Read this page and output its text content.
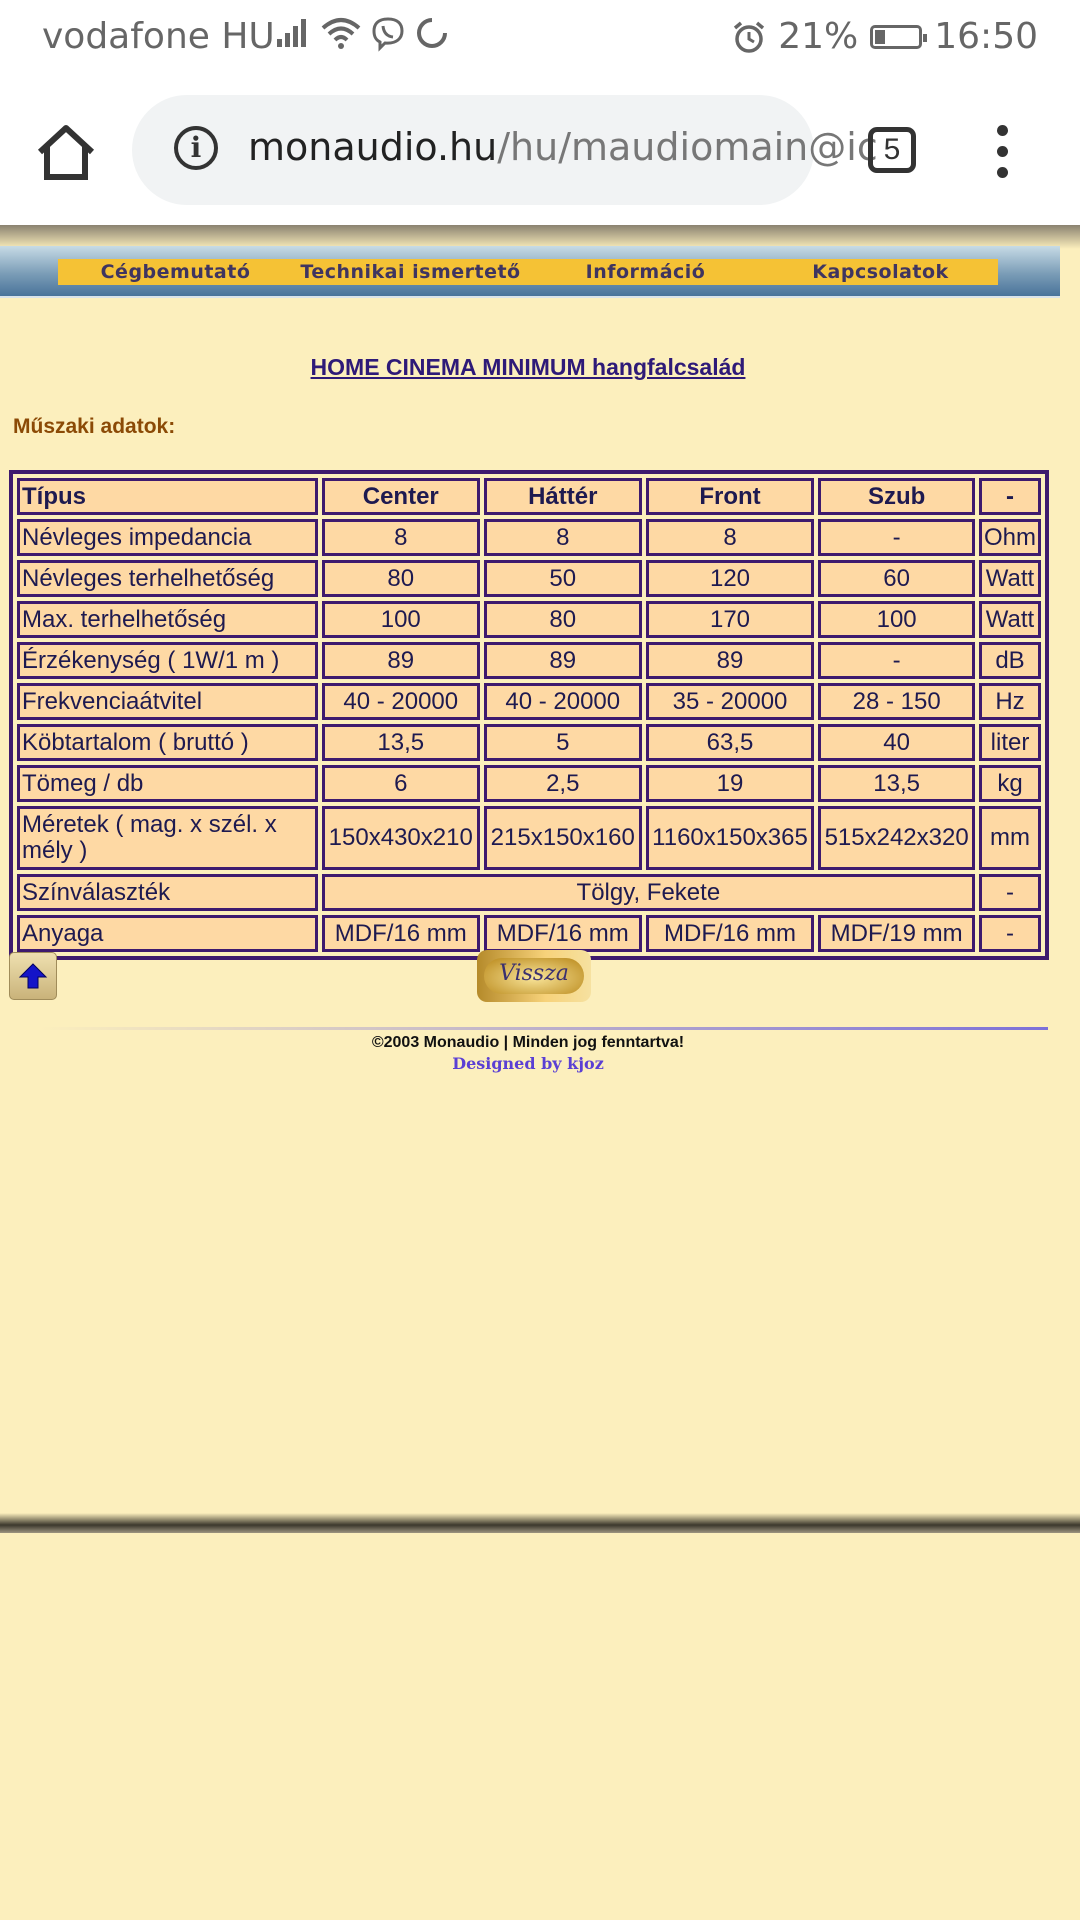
vodafone HU	21% 16:50
i	monaudio.hu/hu/maudiomain@ic 5
Cégbemutató	Technikai ismertető	Információ	Kapcsolatok
HOME CINEMA MINIMUM hangfalcsalád
Műszaki adatok:
Típus	Center	Háttér	Front	Szub	-
Névleges impedancia	8	8	8	-	Ohm
Névleges terhelhetőség	80	50	120	60	Watt
Max. terhelhetőség	100	80	170	100	Watt
Érzékenység ( 1W/1 m )	89	89	89	-	dB
Frekvenciaátvitel	40 - 20000	40 - 20000	35 - 20000	28 - 150	Hz
Köbtartalom ( bruttó )	13,5	5	63,5	40	liter
Tömeg / db	6	2,5	19	13,5	kg
Méretek ( mag. x szél. x mély )	150x430x210	215x150x160	1160x150x365	515x242x320	mm
Színválaszték	Tölgy, Fekete				-
Anyaga	MDF/16 mm	MDF/16 mm	MDF/16 mm	MDF/19 mm	-
Vissza
©2003 Monaudio | Minden jog fenntartva!
Designed by kjoz
